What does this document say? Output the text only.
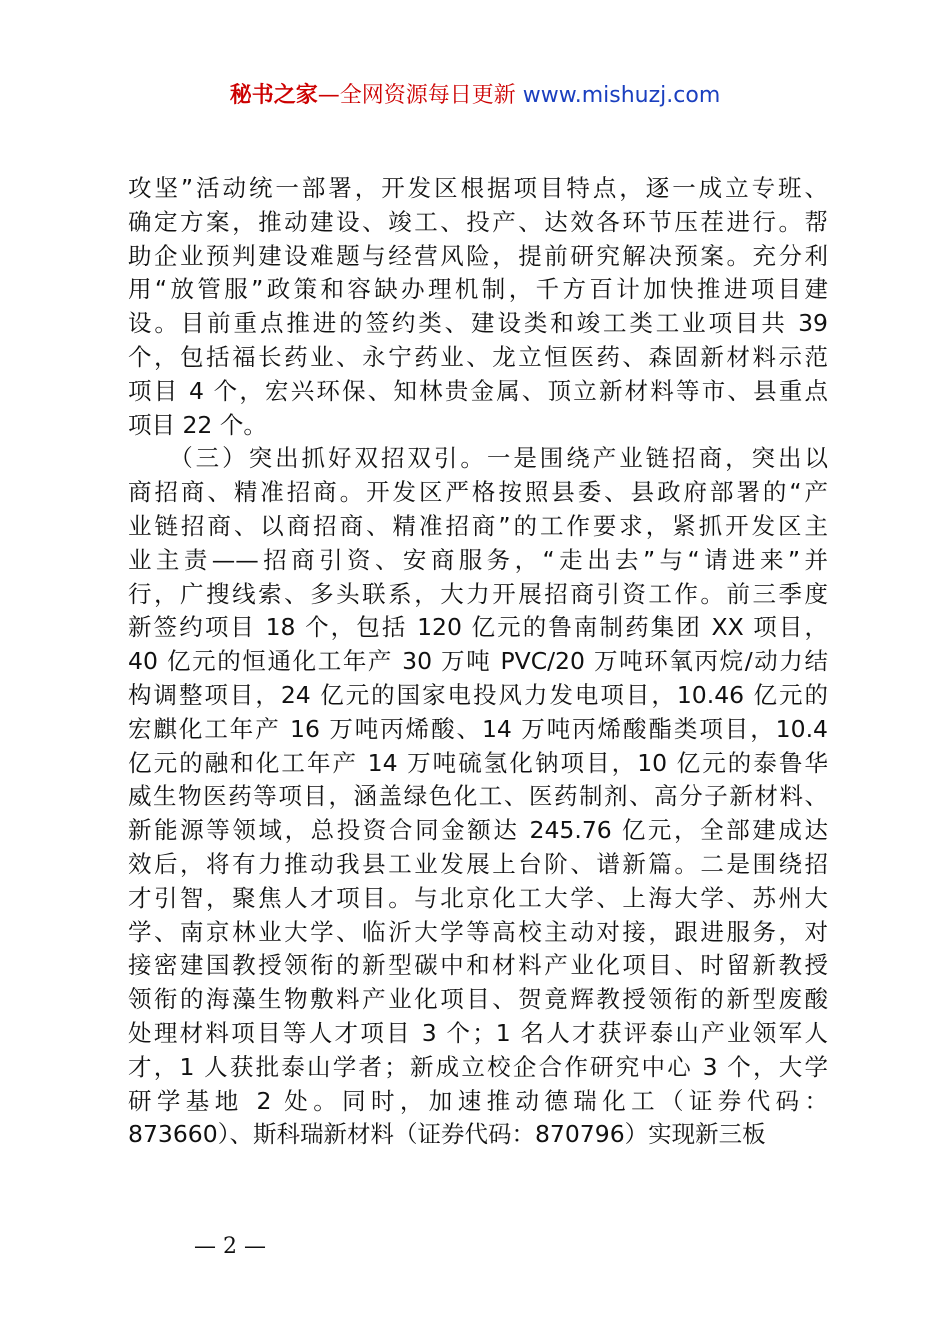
秘书之家—全网资源每日更新 www.mishuzj.com
攻坚”活动统一部署，开发区根据项目特点，逐一成立专班、
确定方案，推动建设、竣工、投产、达效各环节压茬进行。帮
助企业预判建设难题与经营风险，提前研究解决预案。充分利
用“放管服”政策和容缺办理机制，千方百计加快推进项目建
设。目前重点推进的签约类、建设类和竣工类工业项目共 39
个，包括福长药业、永宁药业、龙立恒医药、森固新材料示范
项目 4 个，宏兴环保、知林贵金属、顶立新材料等市、县重点
项目 22 个。
　　（三）突出抓好双招双引。一是围绕产业链招商，突出以
商招商、精准招商。开发区严格按照县委、县政府部署的“产
业链招商、以商招商、精准招商”的工作要求，紧抓开发区主
业主责——招商引资、安商服务，“走出去”与“请进来”并
行，广搜线索、多头联系，大力开展招商引资工作。前三季度
新签约项目 18 个，包括 120 亿元的鲁南制药集团 XX 项目，
40 亿元的恒通化工年产 30 万吨 PVC/20 万吨环氧丙烷/动力结
构调整项目，24 亿元的国家电投风力发电项目，10.46 亿元的
宏麒化工年产 16 万吨丙烯酸、14 万吨丙烯酸酯类项目，10.4
亿元的融和化工年产 14 万吨硫氢化钠项目，10 亿元的泰鲁华
威生物医药等项目，涵盖绿色化工、医药制剂、高分子新材料、
新能源等领域，总投资合同金额达 245.76 亿元，全部建成达
效后，将有力推动我县工业发展上台阶、谱新篇。二是围绕招
才引智，聚焦人才项目。与北京化工大学、上海大学、苏州大
学、南京林业大学、临沂大学等高校主动对接，跟进服务，对
接密建国教授领衔的新型碳中和材料产业化项目、时留新教授
领衔的海藻生物敷料产业化项目、贺竟辉教授领衔的新型废酸
处理材料项目等人才项目 3 个；1 名人才获评泰山产业领军人
才，1 人获批泰山学者；新成立校企合作研究中心 3 个，大学
研学基地 2 处。同时，加速推动德瑞化工（证券代码：
873660）、斯科瑞新材料（证券代码：870796）实现新三板
— 2 —
